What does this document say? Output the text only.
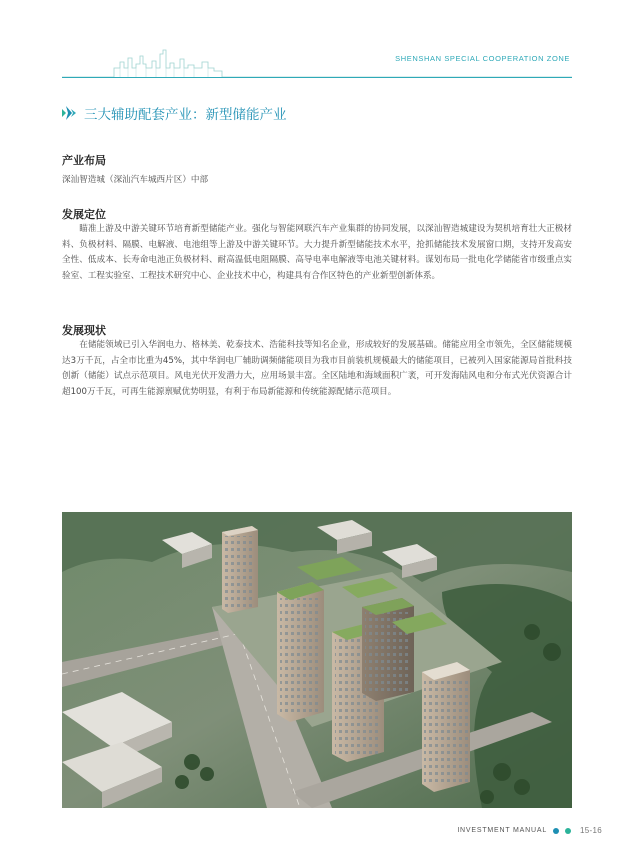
SHENSHAN SPECIAL COOPERATION ZONE
三大辅助配套产业：新型储能产业
产业布局
深汕智造城（深汕汽车城西片区）中部
发展定位
瞄准上游及中游关键环节培育新型储能产业。强化与智能网联汽车产业集群的协同发展，以深汕智造城建设为契机培育壮大正极材料、负极材料、隔膜、电解液、电池组等上游及中游关键环节。大力提升新型储能技术水平，抢抓储能技术发展窗口期，支持开发高安全性、低成本、长寿命电池正负极材料、耐高温低电阻隔膜、高导电率电解液等电池关键材料。谋划布局一批电化学储能省市级重点实验室、工程实验室、工程技术研究中心、企业技术中心，构建具有合作区特色的产业新型创新体系。
发展现状
在储能领域已引入华润电力、格林美、乾泰技术、浩能科技等知名企业，形成较好的发展基础。储能应用全市领先，全区储能规模达3万千瓦，占全市比重为45%，其中华润电厂辅助调频储能项目为我市目前装机规模最大的储能项目，已被列入国家能源局首批科技创新（储能）试点示范项目。风电光伏开发潜力大，应用场景丰富。全区陆地和海域面积广袤，可开发海陆风电和分布式光伏资源合计超100万千瓦，可再生能源禀赋优势明显，有利于布局新能源和传统能源配储示范项目。
INVESTMENT MANUAL	15-16
